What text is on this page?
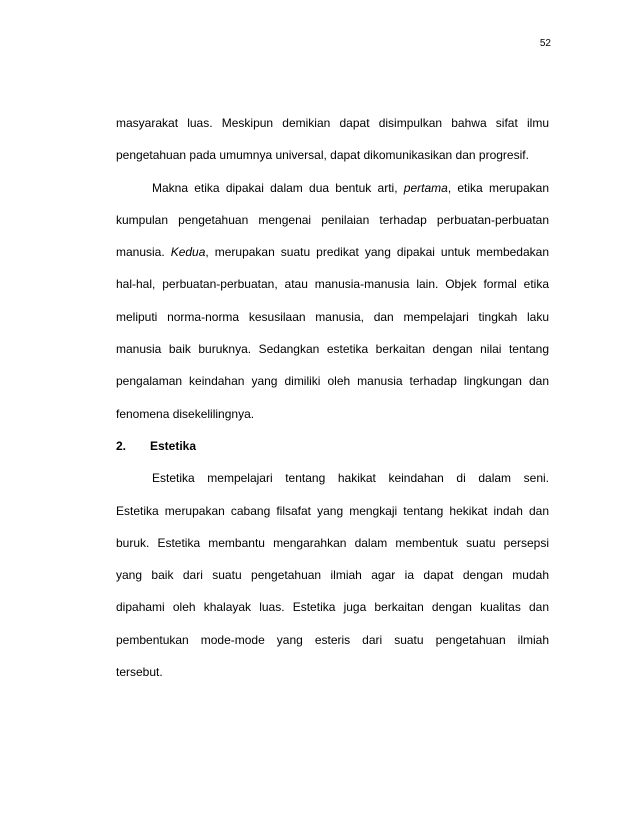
52
masyarakat luas. Meskipun demikian dapat disimpulkan bahwa sifat ilmu
pengetahuan pada umumnya universal, dapat dikomunikasikan dan progresif.
Makna etika dipakai dalam dua bentuk arti, pertama, etika merupakan
kumpulan pengetahuan mengenai penilaian terhadap perbuatan-perbuatan
manusia. Kedua, merupakan suatu predikat yang dipakai untuk membedakan
hal-hal, perbuatan-perbuatan, atau manusia-manusia lain. Objek formal etika
meliputi norma-norma kesusilaan manusia, dan mempelajari tingkah laku
manusia baik buruknya. Sedangkan estetika berkaitan dengan nilai tentang
pengalaman keindahan yang dimiliki oleh manusia terhadap lingkungan dan
fenomena disekelilingnya.
2. Estetika
Estetika mempelajari tentang hakikat keindahan di dalam seni.
Estetika merupakan cabang filsafat yang mengkaji tentang hekikat indah dan
buruk. Estetika membantu mengarahkan dalam membentuk suatu persepsi
yang baik dari suatu pengetahuan ilmiah agar ia dapat dengan mudah
dipahami oleh khalayak luas. Estetika juga berkaitan dengan kualitas dan
pembentukan mode-mode yang esteris dari suatu pengetahuan ilmiah
tersebut.
